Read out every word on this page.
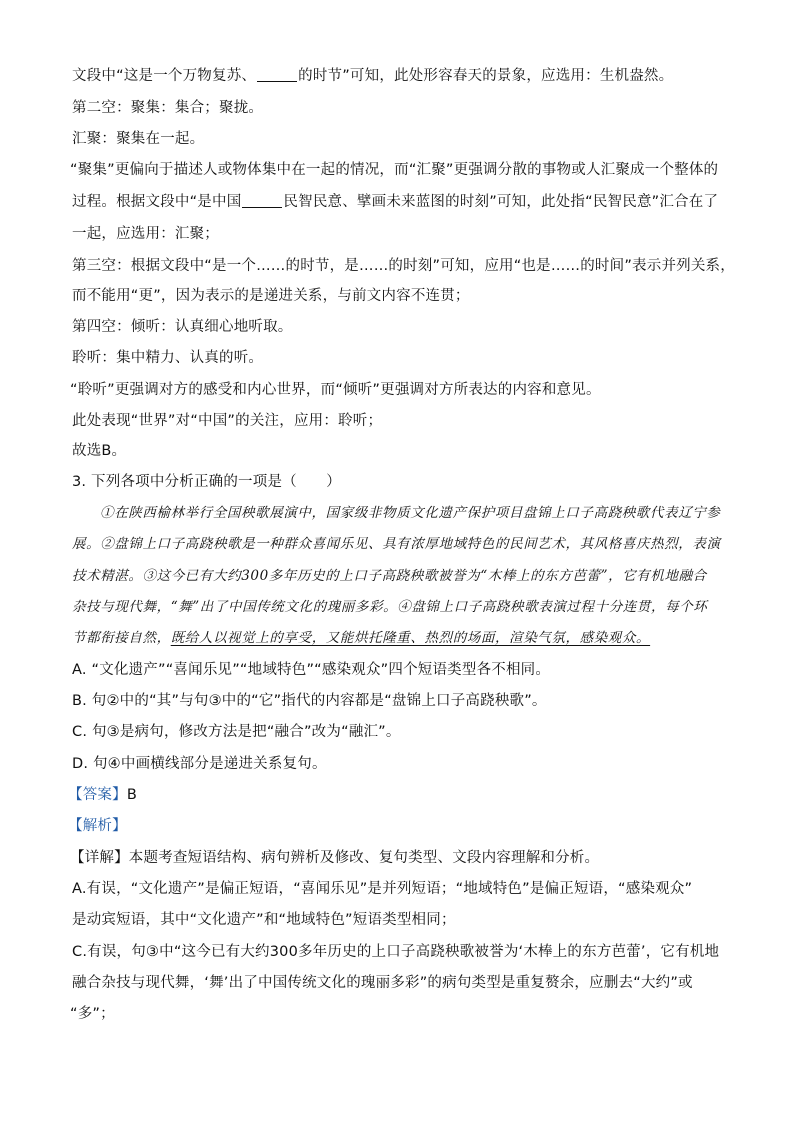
文段中“这是一个万物复苏、	的时节”可知，此处形容春天的景象，应选用：生机盎然。
第二空：聚集：集合；聚拢。
汇聚：聚集在一起。
“聚集”更偏向于描述人或物体集中在一起的情况，而“汇聚”更强调分散的事物或人汇聚成一个整体的
过程。根据文段中“是中国	民智民意、擘画未来蓝图的时刻”可知，此处指“民智民意”汇合在了
一起，应选用：汇聚；
第三空：根据文段中“是一个……的时节，是……的时刻”可知，应用“也是……的时间”表示并列关系，
而不能用“更”，因为表示的是递进关系，与前文内容不连贯；
第四空：倾听：认真细心地听取。
聆听：集中精力、认真的听。
“聆听”更强调对方的感受和内心世界，而“倾听”更强调对方所表达的内容和意见。
此处表现“世界”对“中国”的关注，应用：聆听；
故选B。
3. 下列各项中分析正确的一项是（　　）
①在陕西榆林举行全国秧歌展演中，国家级非物质文化遗产保护项目盘锦上口子高跷秧歌代表辽宁参
展。②盘锦上口子高跷秧歌是一种群众喜闻乐见、具有浓厚地域特色的民间艺术，其风格喜庆热烈，表演
技术精湛。③这今已有大约300多年历史的上口子高跷秧歌被誉为“木棒上的东方芭蕾”，它有机地融合
杂技与现代舞，“舞”出了中国传统文化的瑰丽多彩。④盘锦上口子高跷秧歌表演过程十分连贯，每个环
节都衔接自然，既给人以视觉上的享受，又能烘托隆重、热烈的场面，渲染气氛，感染观众。
A. “文化遗产”“喜闻乐见”“地域特色”“感染观众”四个短语类型各不相同。
B. 句②中的“其”与句③中的“它”指代的内容都是“盘锦上口子高跷秧歌”。
C. 句③是病句，修改方法是把“融合”改为“融汇”。
D. 句④中画横线部分是递进关系复句。
【答案】B
【解析】
【详解】本题考查短语结构、病句辨析及修改、复句类型、文段内容理解和分析。
A.有误，“文化遗产”是偏正短语，“喜闻乐见”是并列短语；“地域特色”是偏正短语，“感染观众”
是动宾短语，其中“文化遗产”和“地域特色”短语类型相同；
C.有误，句③中“这今已有大约300多年历史的上口子高跷秧歌被誉为‘木棒上的东方芭蕾’，它有机地
融合杂技与现代舞，‘舞’出了中国传统文化的瑰丽多彩”的病句类型是重复赘余，应删去“大约”或
“多”；
